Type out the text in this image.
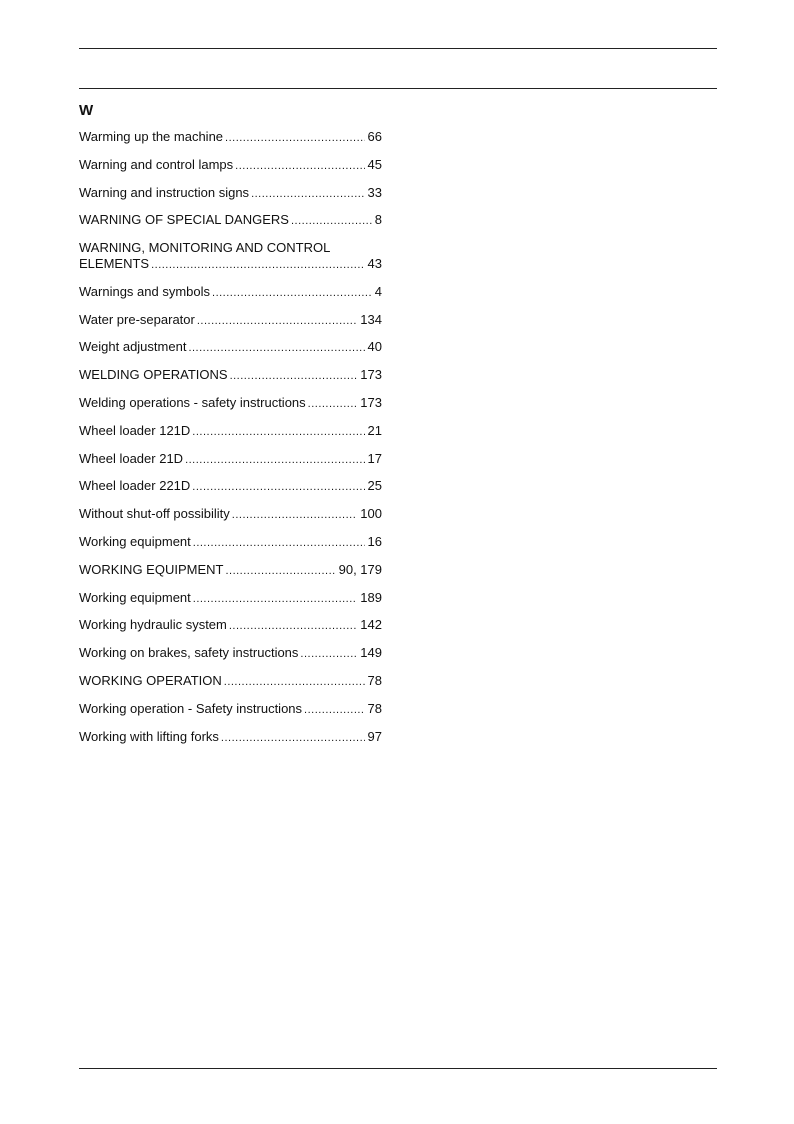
W
Warming up the machine .....	66
Warning and control lamps .....	45
Warning and instruction signs .....	33
WARNING OF SPECIAL DANGERS .....	8
WARNING, MONITORING AND CONTROL
ELEMENTS .....	43
Warnings and symbols .....	4
Water pre-separator .....	134
Weight adjustment .....	40
WELDING OPERATIONS .....	173
Welding operations - safety instructions .....	173
Wheel loader 121D .....	21
Wheel loader 21D .....	17
Wheel loader 221D .....	25
Without shut-off possibility .....	100
Working equipment .....	16
WORKING EQUIPMENT .....	90, 179
Working equipment .....	189
Working hydraulic system .....	142
Working on brakes, safety instructions .....	149
WORKING OPERATION .....	78
Working operation - Safety instructions .....	78
Working with lifting forks .....	97
